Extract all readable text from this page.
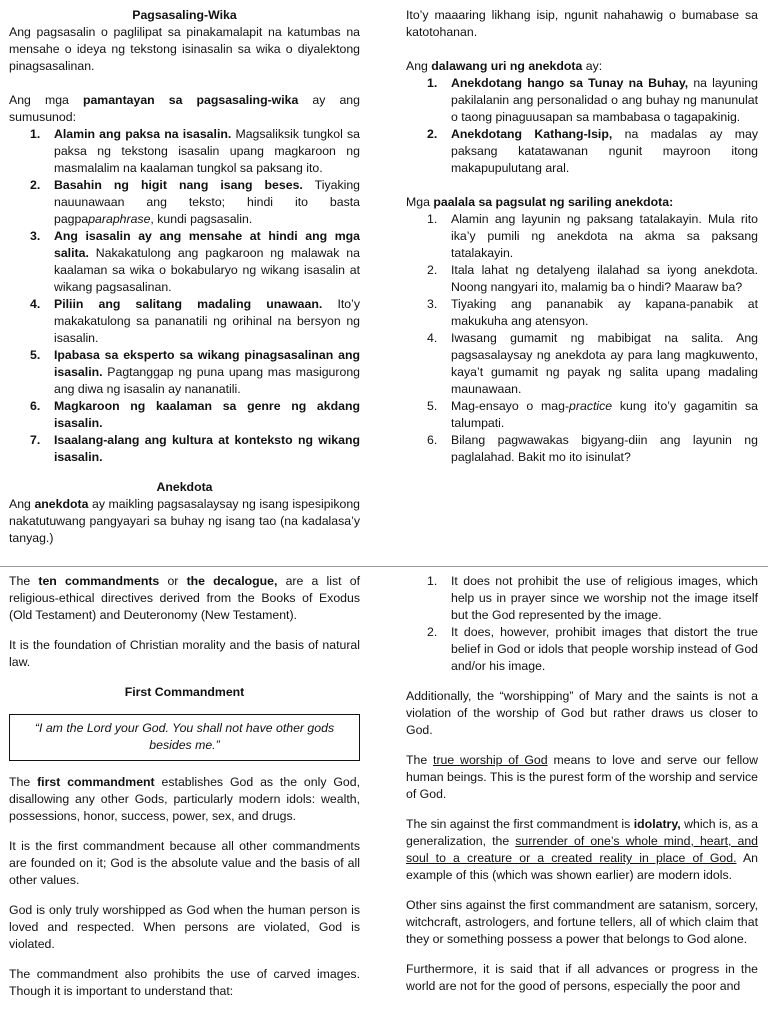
Pagsasaling-Wika

Ang pagsasalin o paglilipat sa pinakamalapit na katumbas na mensahe o ideya ng tekstong isinasalin sa wika o diyalektong pinagsasalinan.

Ang mga pamantayan sa pagsasaling-wika ay ang sumusunod:

1. Alamin ang paksa na isasalin. Magsaliksik tungkol sa paksa ng tekstong isasalin upang magkaroon ng masmalalim na kaalaman tungkol sa paksang ito.
2. Basahin ng higit nang isang beses. Tiyaking nauunawaan ang teksto; hindi ito basta pagpaparaphrase, kundi pagsasalin.
3. Ang isasalin ay ang mensahe at hindi ang mga salita. Nakakatulong ang pagkaroon ng malawak na kaalaman sa wika o bokabularyo ng wikang isasalin at wikang pagsasalinan.
4. Piliin ang salitang madaling unawaan. Ito’y makakatulong sa pananatili ng orihinal na bersyon ng isasalin.
5. Ipabasa sa eksperto sa wikang pinagsasalinan ang isasalin. Pagtanggap ng puna upang mas masigurong ang diwa ng isasalin ay nananatili.
6. Magkaroon ng kaalaman sa genre ng akdang isasalin.
7. Isaalang-alang ang kultura at konteksto ng wikang isasalin.

Anekdota

Ang anekdota ay maikling pagsasalaysay ng isang ispesipikong nakatutuwang pangyayari sa buhay ng isang tao (na kadalasa’y tanyag.)

Ito’y maaaring likhang isip, ngunit nahahawig o bumabase sa katotohanan.

Ang dalawang uri ng anekdota ay:

1. Anekdotang hango sa Tunay na Buhay, na layuning pakilalanin ang personalidad o ang buhay ng manunulat o taong pinaguusapan sa mambabasa o tagapakinig.
2. Anekdotang Kathang-Isip, na madalas ay may paksang katatawanan ngunit mayroon itong makapupulutang aral.

Mga paalala sa pagsulat ng sariling anekdota:

1. Alamin ang layunin ng paksang tatalakayin. Mula rito ika’y pumili ng anekdota na akma sa paksang tatalakayin.
2. Itala lahat ng detalyeng ilalahad sa iyong anekdota. Noong nangyari ito, malamig ba o hindi? Maaraw ba?
3. Tiyaking ang pananabik ay kapana-panabik at makukuha ang atensyon.
4. Iwasang gumamit ng mabibigat na salita. Ang pagsasalaysay ng anekdota ay para lang magkuwento, kaya’t gumamit ng payak ng salita upang madaling maunawaan.
5. Mag-ensayo o mag-practice kung ito’y gagamitin sa talumpati.
6. Bilang pagwawakas bigyang-diin ang layunin ng paglalahad. Bakit mo ito isinulat?

The ten commandments or the decalogue, are a list of religious-ethical directives derived from the Books of Exodus (Old Testament) and Deuteronomy (New Testament).

It is the foundation of Christian morality and the basis of natural law.

First Commandment

“I am the Lord your God. You shall not have other gods besides me.”

The first commandment establishes God as the only God, disallowing any other Gods, particularly modern idols: wealth, possessions, honor, success, power, sex, and drugs.

It is the first commandment because all other commandments are founded on it; God is the absolute value and the basis of all other values.

God is only truly worshipped as God when the human person is loved and respected. When persons are violated, God is violated.

The commandment also prohibits the use of carved images. Though it is important to understand that:

1. It does not prohibit the use of religious images, which help us in prayer since we worship not the image itself but the God represented by the image.
2. It does, however, prohibit images that distort the true belief in God or idols that people worship instead of God and/or his image.

Additionally, the “worshipping” of Mary and the saints is not a violation of the worship of God but rather draws us closer to God.

The true worship of God means to love and serve our fellow human beings. This is the purest form of the worship and service of God.

The sin against the first commandment is idolatry, which is, as a generalization, the surrender of one’s whole mind, heart, and soul to a creature or a created reality in place of God. An example of this (which was shown earlier) are modern idols.

Other sins against the first commandment are satanism, sorcery, witchcraft, astrologers, and fortune tellers, all of which claim that they or something possess a power that belongs to God alone.

Furthermore, it is said that if all advances or progress in the world are not for the good of persons, especially the poor and
